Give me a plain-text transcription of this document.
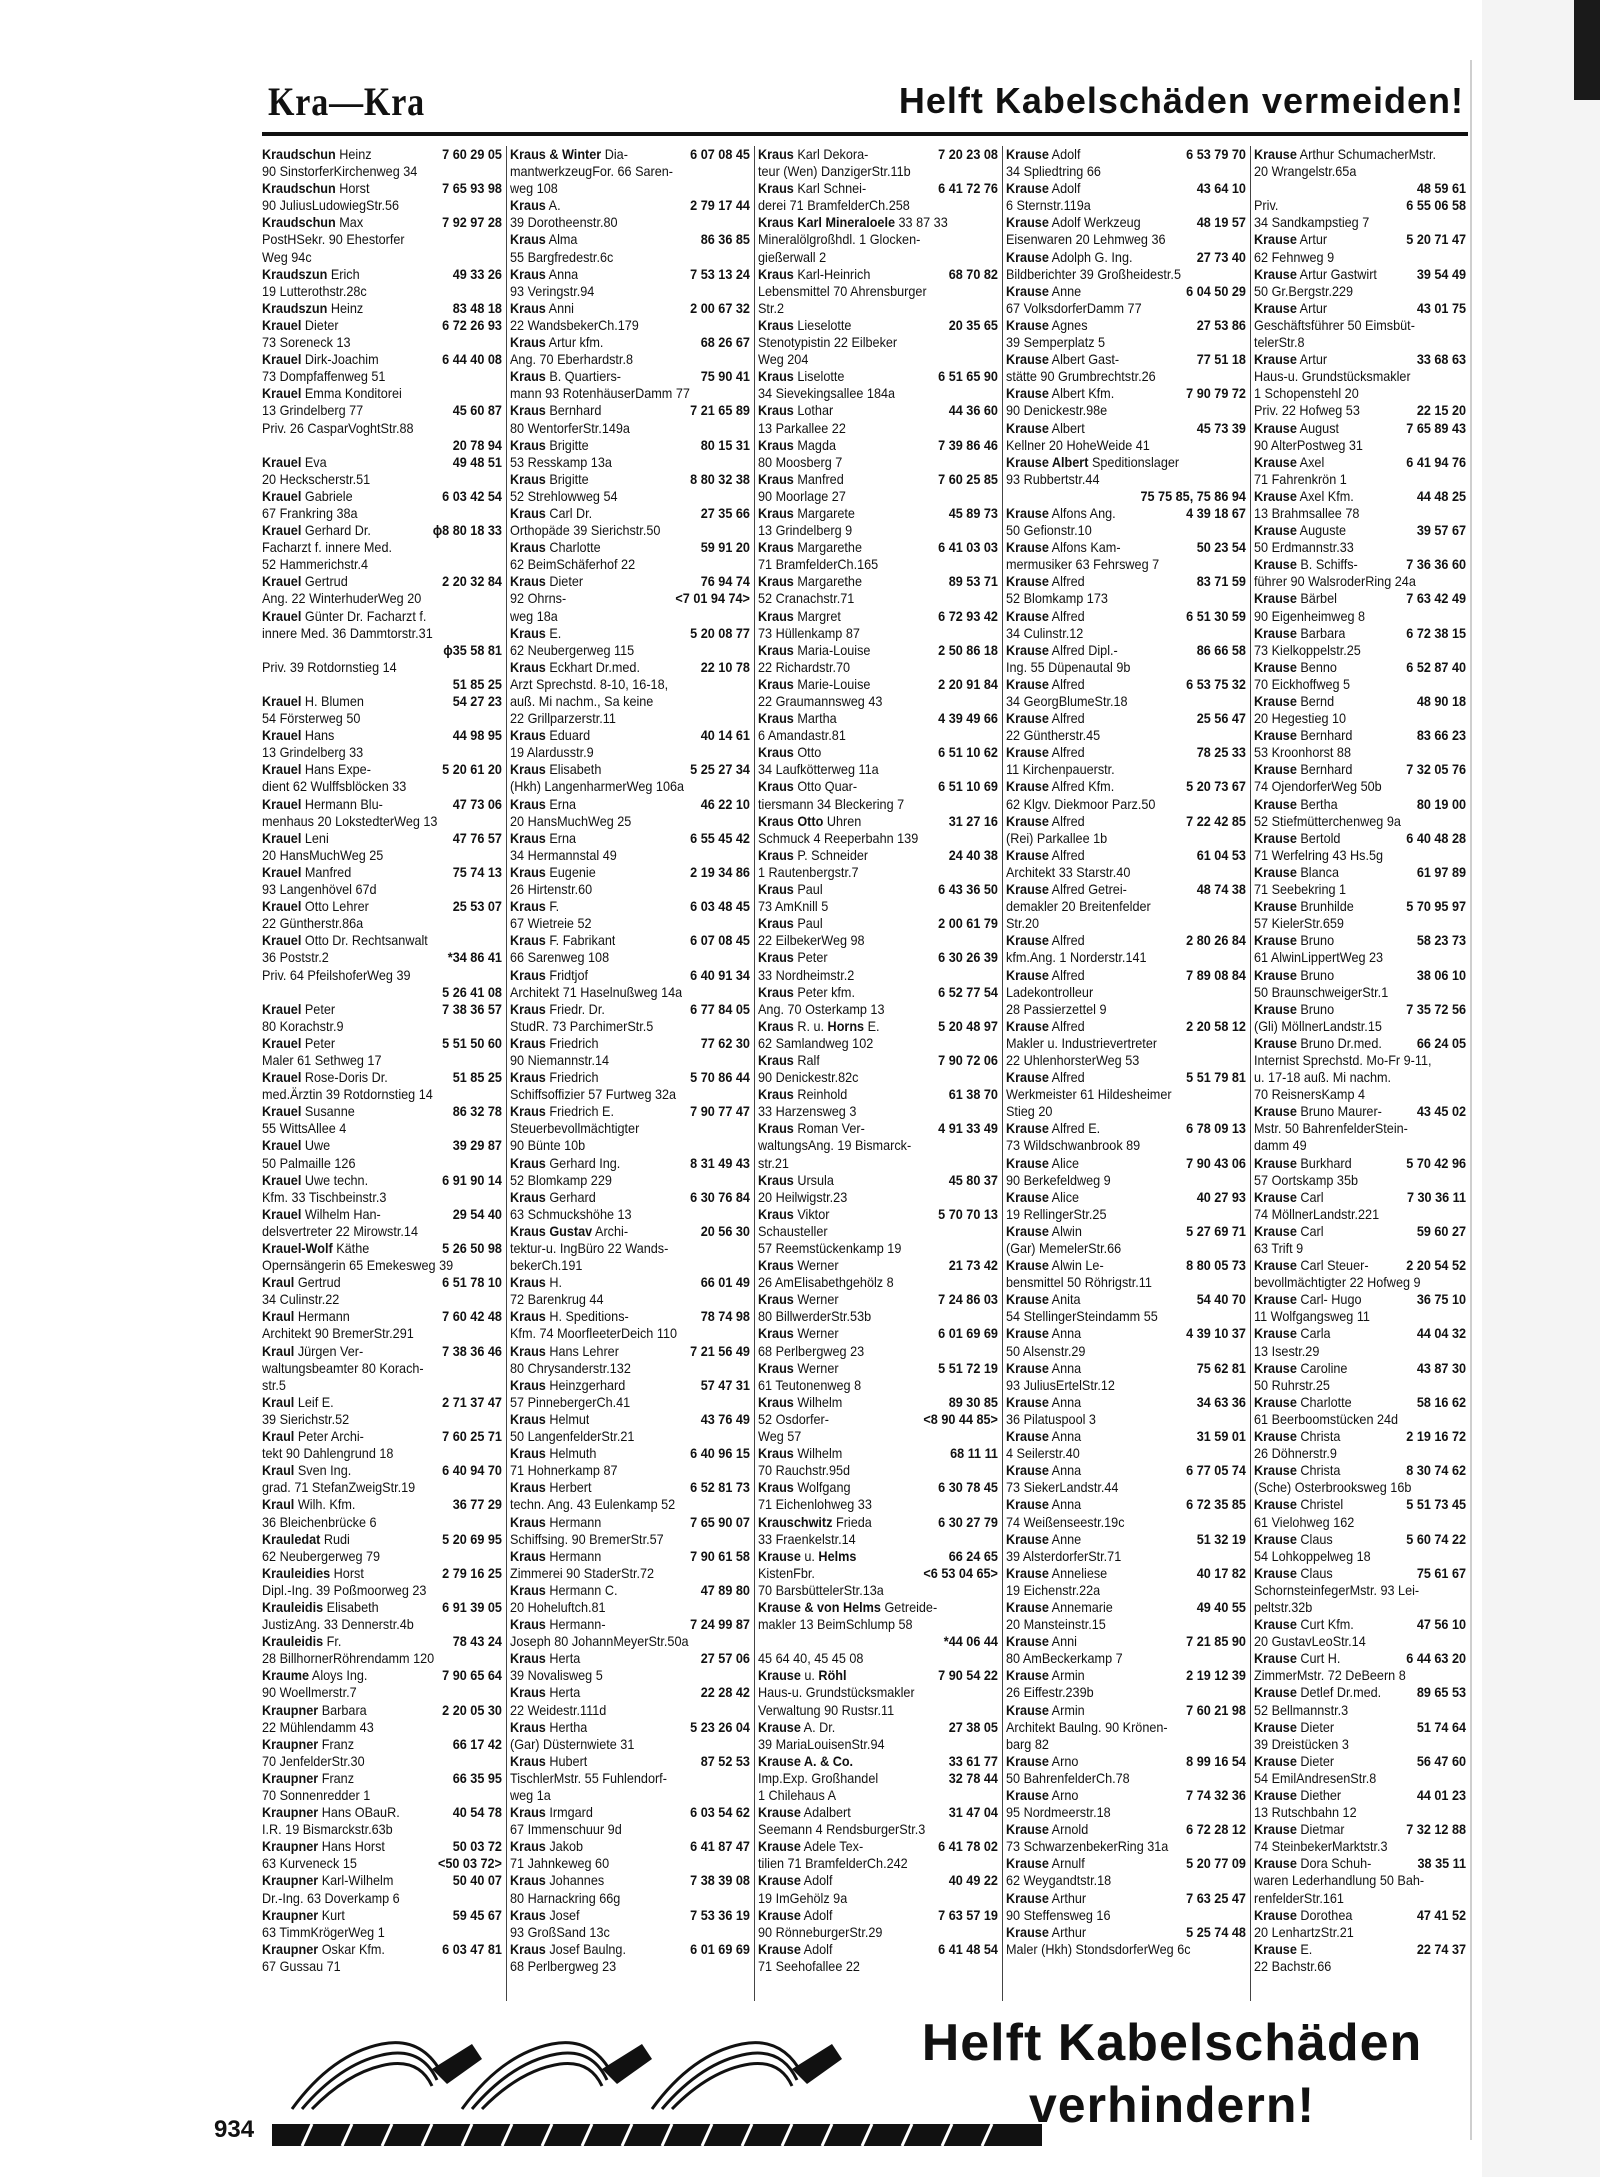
Kra—Kra	Helft Kabelschäden vermeiden!
Kraudschun Heinz	7 60 29 05
90 SinstorferKirchenweg 34
Kraudschun Horst	7 65 93 98
90 JuliusLudowiegStr.56
Kraudschun Max	7 92 97 28
PostHSekr. 90 Ehestorfer
Weg 94c
Kraudszun Erich	49 33 26
19 Lutterothstr.28c
Kraudszun Heinz	83 48 18
Krauel Dieter	6 72 26 93
73 Soreneck 13
Krauel Dirk-Joachim	6 44 40 08
73 Dompfaffenweg 51
Krauel Emma Konditorei
13 Grindelberg 77	45 60 87
Priv. 26 CasparVoghtStr.88
20 78 94
Krauel Eva	49 48 51
20 Heckscherstr.51
Krauel Gabriele	6 03 42 54
67 Frankring 38a
Krauel Gerhard Dr.	ɸ8 80 18 33
Facharzt f. innere Med.
52 Hammerichstr.4
Krauel Gertrud	2 20 32 84
Ang. 22 WinterhuderWeg 20
Krauel Günter Dr. Facharzt f.
innere Med. 36 Dammtorstr.31
ɸ35 58 81
Priv. 39 Rotdornstieg 14
51 85 25
Krauel H. Blumen	54 27 23
54 Försterweg 50
Krauel Hans	44 98 95
13 Grindelberg 33
Krauel Hans Expe-	5 20 61 20
dient 62 Wulffsblöcken 33
Krauel Hermann Blu-	47 73 06
menhaus 20 LokstedterWeg 13
Krauel Leni	47 76 57
20 HansMuchWeg 25
Krauel Manfred	75 74 13
93 Langenhövel 67d
Krauel Otto Lehrer	25 53 07
22 Güntherstr.86a
Krauel Otto Dr. Rechtsanwalt
36 Poststr.2	*34 86 41
Priv. 64 PfeilshoferWeg 39
5 26 41 08
Krauel Peter	7 38 36 57
80 Korachstr.9
Krauel Peter	5 51 50 60
Maler 61 Sethweg 17
Krauel Rose-Doris Dr.	51 85 25
med.Ärztin 39 Rotdornstieg 14
Krauel Susanne	86 32 78
55 WittsAllee 4
Krauel Uwe	39 29 87
50 Palmaille 126
Krauel Uwe techn.	6 91 90 14
Kfm. 33 Tischbeinstr.3
Krauel Wilhelm Han-	29 54 40
delsvertreter 22 Mirowstr.14
Krauel-Wolf Käthe	5 26 50 98
Opernsängerin 65 Emekesweg 39
Kraul Gertrud	6 51 78 10
34 Culinstr.22
Kraul Hermann	7 60 42 48
Architekt 90 BremerStr.291
Kraul Jürgen Ver-	7 38 36 46
waltungsbeamter 80 Korach-
str.5
Kraul Leif E.	2 71 37 47
39 Sierichstr.52
Kraul Peter Archi-	7 60 25 71
tekt 90 Dahlengrund 18
Kraul Sven Ing.	6 40 94 70
grad. 71 StefanZweigStr.19
Kraul Wilh. Kfm.	36 77 29
36 Bleichenbrücke 6
Krauledat Rudi	5 20 69 95
62 Neubergerweg 79
Krauleidies Horst	2 79 16 25
Dipl.-Ing. 39 Poßmoorweg 23
Krauleidis Elisabeth	6 91 39 05
JustizAng. 33 Dennerstr.4b
Krauleidis Fr.	78 43 24
28 BillhornerRöhrendamm 120
Kraume Aloys Ing.	7 90 65 64
90 Woellmerstr.7
Kraupner Barbara	2 20 05 30
22 Mühlendamm 43
Kraupner Franz	66 17 42
70 JenfelderStr.30
Kraupner Franz	66 35 95
70 Sonnenredder 1
Kraupner Hans OBauR.	40 54 78
I.R. 19 Bismarckstr.63b
Kraupner Hans Horst	50 03 72
63 Kurveneck 15	<50 03 72>
Kraupner Karl-Wilhelm	50 40 07
Dr.-Ing. 63 Doverkamp 6
Kraupner Kurt	59 45 67
63 TimmKrögerWeg 1
Kraupner Oskar Kfm.	6 03 47 81
67 Gussau 71
Kraus & Winter Dia-	6 07 08 45
mantwerkzeugFor. 66 Saren-
weg 108
Kraus A.	2 79 17 44
39 Dorotheenstr.80
Kraus Alma	86 36 85
55 Bargfredestr.6c
Kraus Anna	7 53 13 24
93 Veringstr.94
Kraus Anni	2 00 67 32
22 WandsbekerCh.179
Kraus Artur kfm.	68 26 67
Ang. 70 Eberhardstr.8
Kraus B. Quartiers-	75 90 41
mann 93 RotenhäuserDamm 77
Kraus Bernhard	7 21 65 89
80 WentorferStr.149a
Kraus Brigitte	80 15 31
53 Resskamp 13a
Kraus Brigitte	8 80 32 38
52 Strehlowweg 54
Kraus Carl Dr.	27 35 66
Orthopäde 39 Sierichstr.50
Kraus Charlotte	59 91 20
62 BeimSchäferhof 22
Kraus Dieter	76 94 74
92 Ohrns-	<7 01 94 74>
weg 18a
Kraus E.	5 20 08 77
62 Neubergerweg 115
Kraus Eckhart Dr.med.	22 10 78
Arzt Sprechstd. 8-10, 16-18,
auß. Mi nachm., Sa keine
22 Grillparzerstr.11
Kraus Eduard	40 14 61
19 Alardusstr.9
Kraus Elisabeth	5 25 27 34
(Hkh) LangenharmerWeg 106a
Kraus Erna	46 22 10
20 HansMuchWeg 25
Kraus Erna	6 55 45 42
34 Hermannstal 49
Kraus Eugenie	2 19 34 86
26 Hirtenstr.60
Kraus F.	6 03 48 45
67 Wietreie 52
Kraus F. Fabrikant	6 07 08 45
66 Sarenweg 108
Kraus Fridtjof	6 40 91 34
Architekt 71 Haselnußweg 14a
Kraus Friedr. Dr.	6 77 84 05
StudR. 73 ParchimerStr.5
Kraus Friedrich	77 62 30
90 Niemannstr.14
Kraus Friedrich	5 70 86 44
Schiffsoffizier 57 Furtweg 32a
Kraus Friedrich E.	7 90 77 47
Steuerbevollmächtigter
90 Bünte 10b
Kraus Gerhard Ing.	8 31 49 43
52 Blomkamp 229
Kraus Gerhard	6 30 76 84
63 Schmuckshöhe 13
Kraus Gustav Archi-	20 56 30
tektur-u. IngBüro 22 Wands-
bekerCh.191
Kraus H.	66 01 49
72 Barenkrug 44
Kraus H. Speditions-	78 74 98
Kfm. 74 MoorfleeterDeich 110
Kraus Hans Lehrer	7 21 56 49
80 Chrysanderstr.132
Kraus Heinzgerhard	57 47 31
57 PinnebergerCh.41
Kraus Helmut	43 76 49
50 LangenfelderStr.21
Kraus Helmuth	6 40 96 15
71 Hohnerkamp 87
Kraus Herbert	6 52 81 73
techn. Ang. 43 Eulenkamp 52
Kraus Hermann	7 65 90 07
Schiffsing. 90 BremerStr.57
Kraus Hermann	7 90 61 58
Zimmerei 90 StaderStr.72
Kraus Hermann C.	47 89 80
20 Hoheluftch.81
Kraus Hermann-	7 24 99 87
Joseph 80 JohannMeyerStr.50a
Kraus Herta	27 57 06
39 Novalisweg 5
Kraus Herta	22 28 42
22 Weidestr.111d
Kraus Hertha	5 23 26 04
(Gar) Düsternwiete 31
Kraus Hubert	87 52 53
TischlerMstr. 55 Fuhlendorf-
weg 1a
Kraus Irmgard	6 03 54 62
67 Immenschuur 9d
Kraus Jakob	6 41 87 47
71 Jahnkeweg 60
Kraus Johannes	7 38 39 08
80 Harnackring 66g
Kraus Josef	7 53 36 19
93 GroßSand 13c
Kraus Josef Baulng.	6 01 69 69
68 Perlbergweg 23
Kraus Karl Dekora-	7 20 23 08
teur (Wen) DanzigerStr.11b
Kraus Karl Schnei-	6 41 72 76
derei 71 BramfelderCh.258
Kraus Karl Mineraloele 33 87 33
Mineralölgroßhdl. 1 Glocken-
gießerwall 2
Kraus Karl-Heinrich	68 70 82
Lebensmittel 70 Ahrensburger
Str.2
Kraus Lieselotte	20 35 65
Stenotypistin 22 Eilbeker
Weg 204
Kraus Liselotte	6 51 65 90
34 Sievekingsallee 184a
Kraus Lothar	44 36 60
13 Parkallee 22
Kraus Magda	7 39 86 46
80 Moosberg 7
Kraus Manfred	7 60 25 85
90 Moorlage 27
Kraus Margarete	45 89 73
13 Grindelberg 9
Kraus Margarethe	6 41 03 03
71 BramfelderCh.165
Kraus Margarethe	89 53 71
52 Cranachstr.71
Kraus Margret	6 72 93 42
73 Hüllenkamp 87
Kraus Maria-Louise	2 50 86 18
22 Richardstr.70
Kraus Marie-Louise	2 20 91 84
22 Graumannsweg 43
Kraus Martha	4 39 49 66
6 Amandastr.81
Kraus Otto	6 51 10 62
34 Laufkötterweg 11a
Kraus Otto Quar-	6 51 10 69
tiersmann 34 Bleckering 7
Kraus Otto Uhren	31 27 16
Schmuck 4 Reeperbahn 139
Kraus P. Schneider	24 40 38
1 Rautenbergstr.7
Kraus Paul	6 43 36 50
73 AmKnill 5
Kraus Paul	2 00 61 79
22 EilbekerWeg 98
Kraus Peter	6 30 26 39
33 Nordheimstr.2
Kraus Peter kfm.	6 52 77 54
Ang. 70 Osterkamp 13
Kraus R. u. Horns E.	5 20 48 97
62 Samlandweg 102
Kraus Ralf	7 90 72 06
90 Denickestr.82c
Kraus Reinhold	61 38 70
33 Harzensweg 3
Kraus Roman Ver-	4 91 33 49
waltungsAng. 19 Bismarck-
str.21
Kraus Ursula	45 80 37
20 Heilwigstr.23
Kraus Viktor	5 70 70 13
Schausteller
57 Reemstückenkamp 19
Kraus Werner	21 73 42
26 AmElisabethgehölz 8
Kraus Werner	7 24 86 03
80 BillwerderStr.53b
Kraus Werner	6 01 69 69
68 Perlbergweg 23
Kraus Werner	5 51 72 19
61 Teutonenweg 8
Kraus Wilhelm	89 30 85
52 Osdorfer-	<8 90 44 85>
Weg 57
Kraus Wilhelm	68 11 11
70 Rauchstr.95d
Kraus Wolfgang	6 30 78 45
71 Eichenlohweg 33
Krauschwitz Frieda	6 30 27 79
33 Fraenkelstr.14
Krause u. Helms	66 24 65
KistenFbr.	<6 53 04 65>
70 BarsbüttelerStr.13a
Krause & von Helms Getreide-
makler 13 BeimSchlump 58
*44 06 44
45 64 40, 45 45 08
Krause u. Röhl	7 90 54 22
Haus-u. Grundstücksmakler
Verwaltung 90 Rustsr.11
Krause A. Dr.	27 38 05
39 MariaLouisenStr.94
Krause A. & Co.	33 61 77
Imp.Exp. Großhandel	32 78 44
1 Chilehaus A
Krause Adalbert	31 47 04
Seemann 4 RendsburgerStr.3
Krause Adele Tex-	6 41 78 02
tilien 71 BramfelderCh.242
Krause Adolf	40 49 22
19 ImGehölz 9a
Krause Adolf	7 63 57 19
90 RönneburgerStr.29
Krause Adolf	6 41 48 54
71 Seehofallee 22
Krause Adolf	6 53 79 70
34 Spliedtring 66
Krause Adolf	43 64 10
6 Sternstr.119a
Krause Adolf Werkzeug	48 19 57
Eisenwaren 20 Lehmweg 36
Krause Adolph G. Ing.	27 73 40
Bildberichter 39 Großheidestr.5
Krause Anne	6 04 50 29
67 VolksdorferDamm 77
Krause Agnes	27 53 86
39 Semperplatz 5
Krause Albert Gast-	77 51 18
stätte 90 Grumbrechtstr.26
Krause Albert Kfm.	7 90 79 72
90 Denickestr.98e
Krause Albert	45 73 39
Kellner 20 HoheWeide 41
Krause Albert Speditionslager
93 Rubbertstr.44
75 75 85, 75 86 94
Krause Alfons Ang.	4 39 18 67
50 Gefionstr.10
Krause Alfons Kam-	50 23 54
mermusiker 63 Fehrsweg 7
Krause Alfred	83 71 59
52 Blomkamp 173
Krause Alfred	6 51 30 59
34 Culinstr.12
Krause Alfred Dipl.-	86 66 58
Ing. 55 Düpenautal 9b
Krause Alfred	6 53 75 32
34 GeorgBlumeStr.18
Krause Alfred	25 56 47
22 Güntherstr.45
Krause Alfred	78 25 33
11 Kirchenpauerstr.
Krause Alfred Kfm.	5 20 73 67
62 Klgv. Diekmoor Parz.50
Krause Alfred	7 22 42 85
(Rei) Parkallee 1b
Krause Alfred	61 04 53
Architekt 33 Starstr.40
Krause Alfred Getrei-	48 74 38
demakler 20 Breitenfelder
Str.20
Krause Alfred	2 80 26 84
kfm.Ang. 1 Norderstr.141
Krause Alfred	7 89 08 84
Ladekontrolleur
28 Passierzettel 9
Krause Alfred	2 20 58 12
Makler u. Industrievertreter
22 UhlenhorsterWeg 53
Krause Alfred	5 51 79 81
Werkmeister 61 Hildesheimer
Stieg 20
Krause Alfred E.	6 78 09 13
73 Wildschwanbrook 89
Krause Alice	7 90 43 06
90 Berkefeldweg 9
Krause Alice	40 27 93
19 RellingerStr.25
Krause Alwin	5 27 69 71
(Gar) MemelerStr.66
Krause Alwin Le-	8 80 05 73
bensmittel 50 Röhrigstr.11
Krause Anita	54 40 70
54 StellingerSteindamm 55
Krause Anna	4 39 10 37
50 Alsenstr.29
Krause Anna	75 62 81
93 JuliusErtelStr.12
Krause Anna	34 63 36
36 Pilatuspool 3
Krause Anna	31 59 01
4 Seilerstr.40
Krause Anna	6 77 05 74
73 SiekerLandstr.44
Krause Anna	6 72 35 85
74 Weißenseestr.19c
Krause Anne	51 32 19
39 AlsterdorferStr.71
Krause Anneliese	40 17 82
19 Eichenstr.22a
Krause Annemarie	49 40 55
20 Mansteinstr.15
Krause Anni	7 21 85 90
80 AmBeckerkamp 7
Krause Armin	2 19 12 39
26 Eiffestr.239b
Krause Armin	7 60 21 98
Architekt Baulng. 90 Krönen-
barg 82
Krause Arno	8 99 16 54
50 BahrenfelderCh.78
Krause Arno	7 74 32 36
95 Nordmeerstr.18
Krause Arnold	6 72 28 12
73 SchwarzenbekerRing 31a
Krause Arnulf	5 20 77 09
62 Weygandtstr.18
Krause Arthur	7 63 25 47
90 Steffensweg 16
Krause Arthur	5 25 74 48
Maler (Hkh) StondsdorferWeg 6c
Krause Arthur SchumacherMstr.
20 Wrangelstr.65a
48 59 61
Priv.	6 55 06 58
34 Sandkampstieg 7
Krause Artur	5 20 71 47
62 Fehnweg 9
Krause Artur Gastwirt	39 54 49
50 Gr.Bergstr.229
Krause Artur	43 01 75
Geschäftsführer 50 Eimsbüt-
telerStr.8
Krause Artur	33 68 63
Haus-u. Grundstücksmakler
1 Schopenstehl 20
Priv. 22 Hofweg 53	22 15 20
Krause August	7 65 89 43
90 AlterPostweg 31
Krause Axel	6 41 94 76
71 Fahrenkrön 1
Krause Axel Kfm.	44 48 25
13 Brahmsallee 78
Krause Auguste	39 57 67
50 Erdmannstr.33
Krause B. Schiffs-	7 36 36 60
führer 90 WalsroderRing 24a
Krause Bärbel	7 63 42 49
90 Eigenheimweg 8
Krause Barbara	6 72 38 15
73 Kielkoppelstr.25
Krause Benno	6 52 87 40
70 Eickhoffweg 5
Krause Bernd	48 90 18
20 Hegestieg 10
Krause Bernhard	83 66 23
53 Kroonhorst 88
Krause Bernhard	7 32 05 76
74 OjendorferWeg 50b
Krause Bertha	80 19 00
52 Stiefmütterchenweg 9a
Krause Bertold	6 40 48 28
71 Werfelring 43 Hs.5g
Krause Blanca	61 97 89
71 Seebekring 1
Krause Brunhilde	5 70 95 97
57 KielerStr.659
Krause Bruno	58 23 73
61 AlwinLippertWeg 23
Krause Bruno	38 06 10
50 BraunschweigerStr.1
Krause Bruno	7 35 72 56
(Gli) MöllnerLandstr.15
Krause Bruno Dr.med.	66 24 05
Internist Sprechstd. Mo-Fr 9-11,
u. 17-18 auß. Mi nachm.
70 ReisnersKamp 4
Krause Bruno Maurer-	43 45 02
Mstr. 50 BahrenfelderStein-
damm 49
Krause Burkhard	5 70 42 96
57 Oortskamp 35b
Krause Carl	7 30 36 11
74 MöllnerLandstr.221
Krause Carl	59 60 27
63 Trift 9
Krause Carl Steuer-	2 20 54 52
bevollmächtigter 22 Hofweg 9
Krause Carl- Hugo	36 75 10
11 Wolfgangsweg 11
Krause Carla	44 04 32
13 Isestr.29
Krause Caroline	43 87 30
50 Ruhrstr.25
Krause Charlotte	58 16 62
61 Beerboomstücken 24d
Krause Christa	2 19 16 72
26 Döhnerstr.9
Krause Christa	8 30 74 62
(Sche) Osterbrooksweg 16b
Krause Christel	5 51 73 45
61 Vielohweg 162
Krause Claus	5 60 74 22
54 Lohkoppelweg 18
Krause Claus	75 61 67
SchornsteinfegerMstr. 93 Lei-
peltstr.32b
Krause Curt Kfm.	47 56 10
20 GustavLeoStr.14
Krause Curt H.	6 44 63 20
ZimmerMstr. 72 DeBeern 8
Krause Detlef Dr.med.	89 65 53
52 Bellmannstr.3
Krause Dieter	51 74 64
39 Dreistücken 3
Krause Dieter	56 47 60
54 EmilAndresenStr.8
Krause Diether	44 01 23
13 Rutschbahn 12
Krause Dietmar	7 32 12 88
74 SteinbekerMarktstr.3
Krause Dora Schuh-	38 35 11
waren Lederhandlung 50 Bah-
renfelderStr.161
Krause Dorothea	47 41 52
20 LenhartzStr.21
Krause E.	22 74 37
22 Bachstr.66
934
Helft Kabelschäden
verhindern!
